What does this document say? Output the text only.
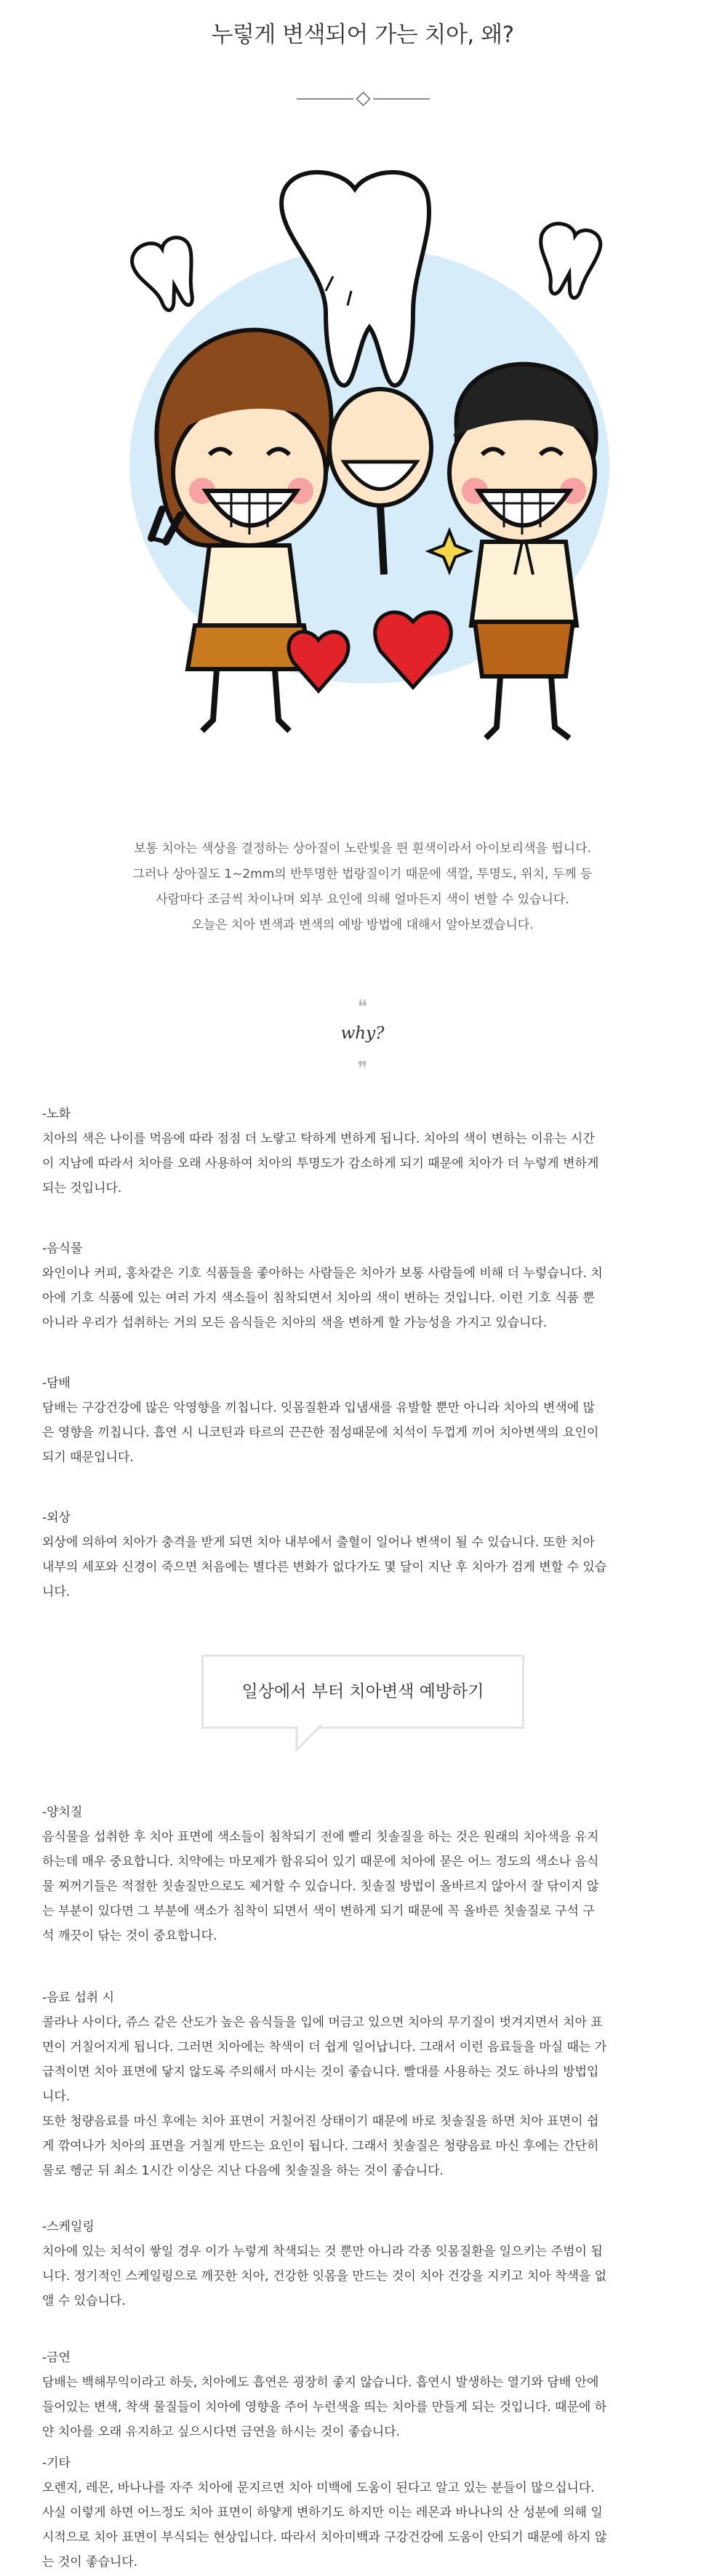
누렇게 변색되어 가는 치아, 왜?
보통 치아는 색상을 결정하는 상아질이 노란빛을 띈 흰색이라서 아이보리색을 띕니다.
그러나 상아질도 1~2mm의 반투명한 법랑질이기 때문에 색깔, 투명도, 위치, 두께 등
사람마다 조금씩 차이나며 외부 요인에 의해 얼마든지 색이 변할 수 있습니다.
오늘은 치아 변색과 변색의 예방 방법에 대해서 알아보겠습니다.
❝
why?
❞
-노화

치아의 색은 나이를 먹음에 따라 점점 더 노랗고 탁하게 변하게 됩니다. 치아의 색이 변하는 이유는 시간

이 지남에 따라서 치아를 오래 사용하여 치아의 투명도가 감소하게 되기 때문에 치아가 더 누렇게 변하게

되는 것입니다.

-음식물

와인이나 커피, 홍차같은 기호 식품들을 좋아하는 사람들은 치아가 보통 사람들에 비해 더 누렇습니다. 치

아에 기호 식품에 있는 여러 가지 색소들이 침착되면서 치아의 색이 변하는 것입니다. 이런 기호 식품 뿐

아니라 우리가 섭취하는 거의 모든 음식들은 치아의 색을 변하게 할 가능성을 가지고 있습니다.

-담배

담배는 구강건강에 많은 악영향을 끼칩니다. 잇몸질환과 입냄새를 유발할 뿐만 아니라 치아의 변색에 많

은 영향을 끼칩니다. 흡연 시 니코틴과 타르의 끈끈한 점성때문에 치석이 두껍게 끼어 치아변색의 요인이

되기 때문입니다.

-외상

외상에 의하여 치아가 충격을 받게 되면 치아 내부에서 출혈이 일어나 변색이 될 수 있습니다. 또한 치아

내부의 세포와 신경이 죽으면 처음에는 별다른 변화가 없다가도 몇 달이 지난 후 치아가 검게 변할 수 있습

니다.

일상에서 부터 치아변색 예방하기
-양치질

음식물을 섭취한 후 치아 표면에 색소들이 침착되기 전에 빨리 칫솔질을 하는 것은 원래의 치아색을 유지

하는데 매우 중요합니다. 치약에는 마모제가 함유되어 있기 때문에 치아에 묻은 어느 정도의 색소나 음식

물 찌꺼기들은 적절한 칫솔질만으로도 제거할 수 있습니다. 칫솔질 방법이 올바르지 않아서 잘 닦이지 않

는 부분이 있다면 그 부분에 색소가 침착이 되면서 색이 변하게 되기 때문에 꼭 올바른 칫솔질로 구석 구

석 깨끗이 닦는 것이 중요합니다.

-음료 섭취 시

콜라나 사이다, 쥬스 같은 산도가 높은 음식들을 입에 머금고 있으면 치아의 무기질이 벗겨지면서 치아 표

면이 거칠어지게 됩니다. 그러면 치아에는 착색이 더 쉽게 일어납니다. 그래서 이런 음료들을 마실 때는 가

급적이면 치아 표면에 닿지 않도록 주의해서 마시는 것이 좋습니다. 빨대를 사용하는 것도 하나의 방법입

니다.

또한 청량음료를 마신 후에는 치아 표면이 거칠어진 상태이기 때문에 바로 칫솔질을 하면 치아 표면이 쉽

게 깎여나가 치아의 표면을 거칠게 만드는 요인이 됩니다. 그래서 칫솔질은 청량음료 마신 후에는 간단히

물로 헹군 뒤 최소 1시간 이상은 지난 다음에 칫솔질을 하는 것이 좋습니다.

-스케일링

치아에 있는 치석이 쌓일 경우 이가 누렇게 착색되는 것 뿐만 아니라 각종 잇몸질환을 일으키는 주범이 됩

니다. 정기적인 스케일링으로 깨끗한 치아, 건강한 잇몸을 만드는 것이 치아 건강을 지키고 치아 착색을 없

앨 수 있습니다.

-금연

담배는 백해무익이라고 하듯, 치아에도 흡연은 굉장히 좋지 않습니다. 흡연시 발생하는 열기와 담배 안에

들어있는 변색, 착색 물질들이 치아에 영향을 주어 누런색을 띄는 치아를 만들게 되는 것입니다. 때문에 하

얀 치아를 오래 유지하고 싶으시다면 금연을 하시는 것이 좋습니다.

-기타

오렌지, 레몬, 바나나를 자주 치아에 문지르면 치아 미백에 도움이 된다고 알고 있는 분들이 많으십니다.

사실 이렇게 하면 어느정도 치아 표면이 하얗게 변하기도 하지만 이는 레몬과 바나나의 산 성분에 의해 일

시적으로 치아 표면이 부식되는 현상입니다. 따라서 치아미백과 구강건강에 도움이 안되기 때문에 하지 않

는 것이 좋습니다.
